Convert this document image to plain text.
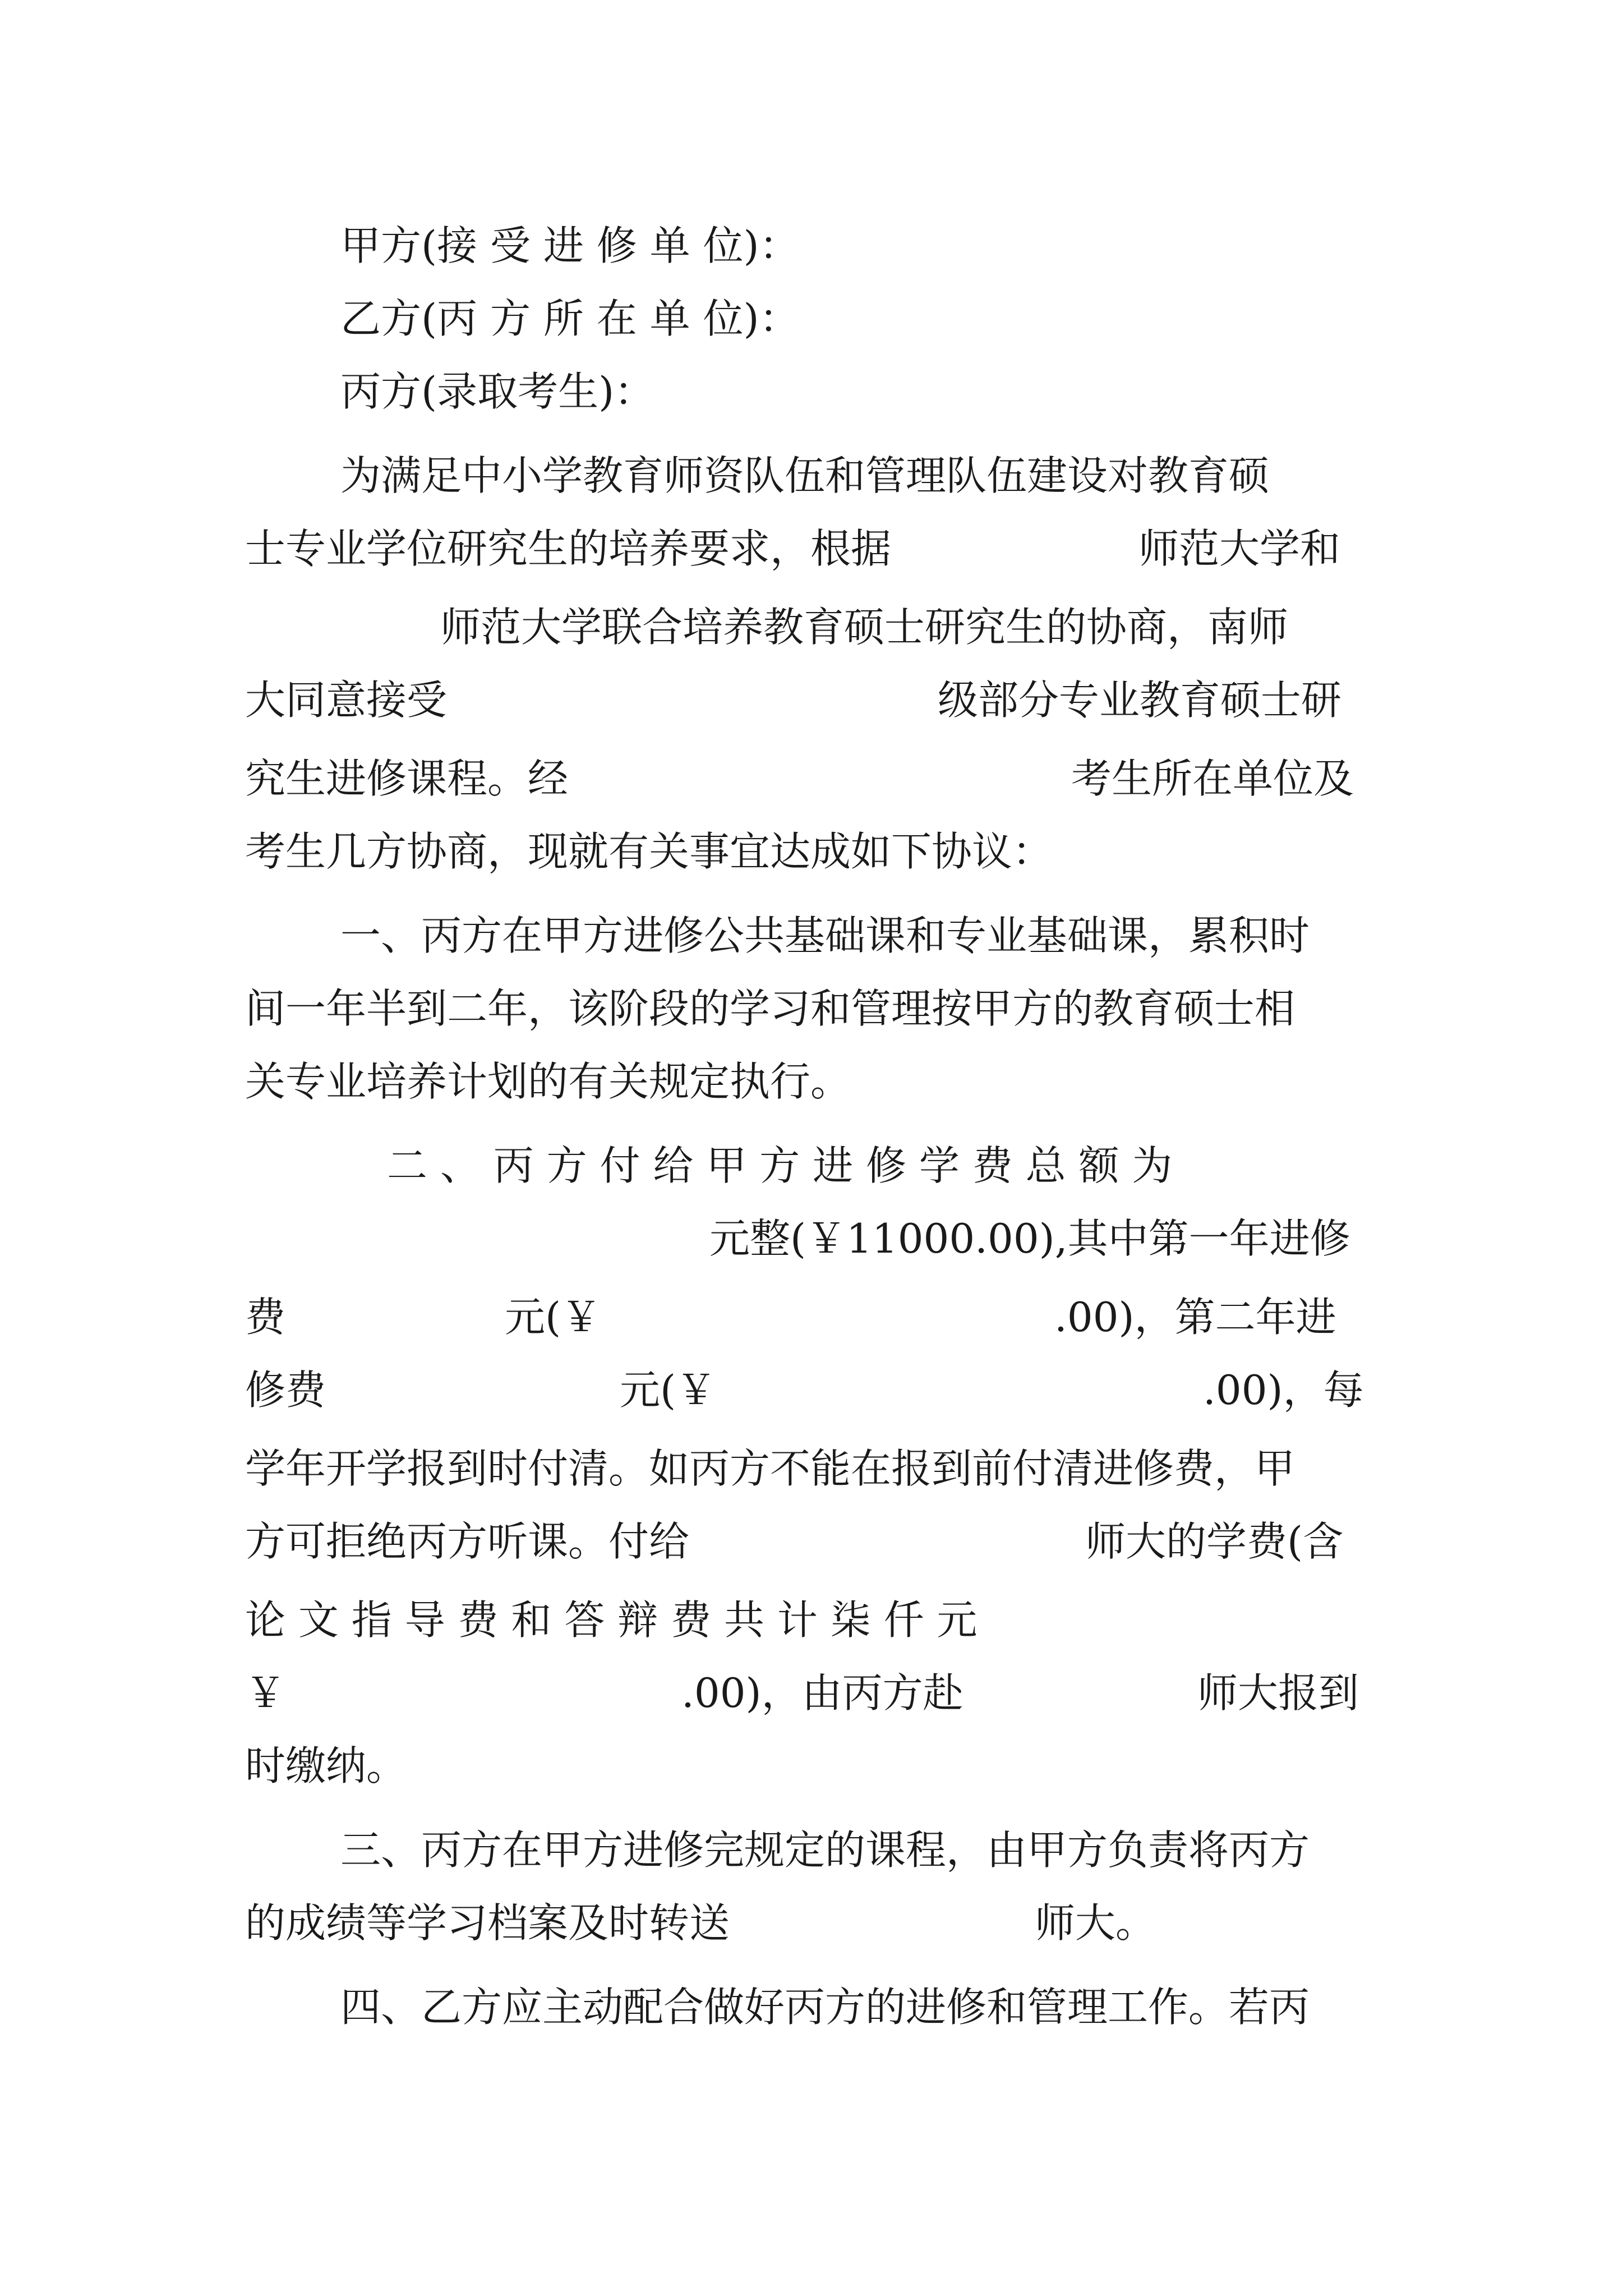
甲方(接 受 进 修 单 位)：
乙方(丙 方 所 在 单 位)：
丙方(录取考生)：
为满足中小学教育师资队伍和管理队伍建设对教育硕
士专业学位研究生的培养要求，根据	师范大学和
师范大学联合培养教育硕士研究生的协商，南师
大同意接受	级部分专业教育硕士研
究生进修课程。经	考生所在单位及
考生几方协商，现就有关事宜达成如下协议：
一、丙方在甲方进修公共基础课和专业基础课，累积时
间一年半到二年，该阶段的学习和管理按甲方的教育硕士相
关专业培养计划的有关规定执行。
二 、 丙 方 付 给 甲 方 进 修 学 费 总 额 为
元整(￥11000.00),其中第一年进修
费	元(￥	.00)，第二年进
修费	元(￥	.00)，每
学年开学报到时付清。如丙方不能在报到前付清进修费，甲
方可拒绝丙方听课。付给	师大的学费(含
论 文 指 导 费 和 答 辩 费 共 计 柒 仟 元
￥	.00)，由丙方赴	师大报到
时缴纳。
三、丙方在甲方进修完规定的课程，由甲方负责将丙方
的成绩等学习档案及时转送	师大。
四、乙方应主动配合做好丙方的进修和管理工作。若丙
